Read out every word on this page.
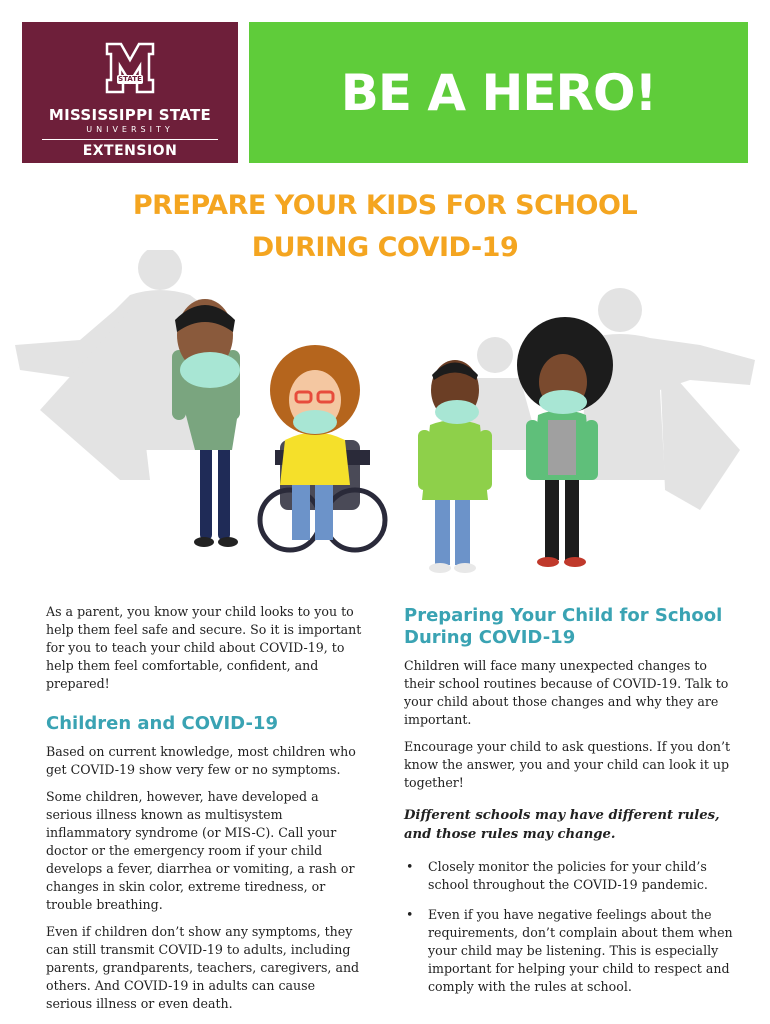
STATE
MISSISSIPPI STATE
UNIVERSITY
EXTENSION
BE A HERO!
PREPARE YOUR KIDS FOR SCHOOL
DURING COVID-19

As a parent, you know your child looks to you to help them feel safe and secure. So it is important for you to teach your child about COVID-19, to help them feel comfortable, confident, and prepared!

Children and COVID-19

Based on current knowledge, most children who get COVID-19 show very few or no symptoms.

Some children, however, have developed a serious illness known as multisystem inflammatory syndrome (or MIS-C). Call your doctor or the emergency room if your child develops a fever, diarrhea or vomiting, a rash or changes in skin color, extreme tiredness, or trouble breathing.

Even if children don’t show any symptoms, they can still transmit COVID-19 to adults, including parents, grandparents, teachers, caregivers, and others. And COVID-19 in adults can cause serious illness or even death.

Preparing Your Child for School During COVID-19

Children will face many unexpected changes to their school routines because of COVID-19. Talk to your child about those changes and why they are important.

Encourage your child to ask questions. If you don’t know the answer, you and your child can look it up together!

Different schools may have different rules, and those rules may change.
• Closely monitor the policies for your child’s school throughout the COVID-19 pandemic.
• Even if you have negative feelings about the requirements, don’t complain about them when your child may be listening. This is especially important for helping your child to respect and comply with the rules at school.
